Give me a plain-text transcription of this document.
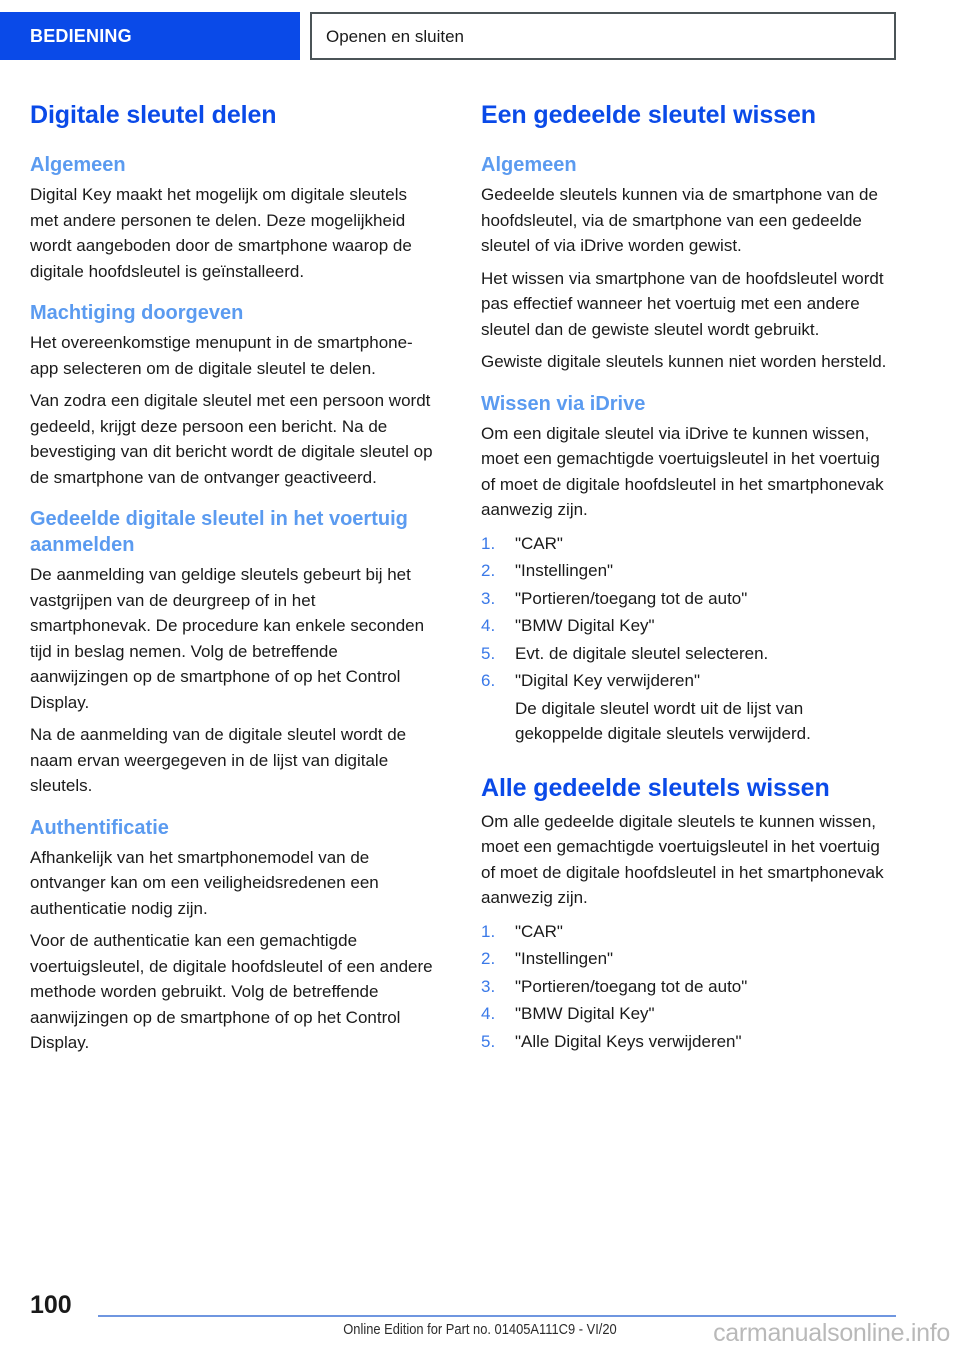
BEDIENING	Openen en sluiten
Digitale sleutel delen
Algemeen

Digital Key maakt het mogelijk om digitale sleutels met andere personen te delen. Deze mogelijkheid wordt aangeboden door de smartphone waarop de digitale hoofdsleutel is geïnstalleerd.

Machtiging doorgeven

Het overeenkomstige menupunt in de smartphone-app selecteren om de digitale sleutel te delen.

Van zodra een digitale sleutel met een persoon wordt gedeeld, krijgt deze persoon een bericht. Na de bevestiging van dit bericht wordt de digitale sleutel op de smartphone van de ontvanger geactiveerd.

Gedeelde digitale sleutel in het voertuig aanmelden

De aanmelding van geldige sleutels gebeurt bij het vastgrijpen van de deurgreep of in het smartphonevak. De procedure kan enkele seconden tijd in beslag nemen. Volg de betreffende aanwijzingen op de smartphone of op het Control Display.

Na de aanmelding van de digitale sleutel wordt de naam ervan weergegeven in de lijst van digitale sleutels.

Authentificatie

Afhankelijk van het smartphonemodel van de ontvanger kan om een veiligheidsredenen een authenticatie nodig zijn.

Voor de authenticatie kan een gemachtigde voertuigsleutel, de digitale hoofdsleutel of een andere methode worden gebruikt. Volg de betreffende aanwijzingen op de smartphone of op het Control Display.

Een gedeelde sleutel wissen
Algemeen

Gedeelde sleutels kunnen via de smartphone van de hoofdsleutel, via de smartphone van een gedeelde sleutel of via iDrive worden gewist.

Het wissen via smartphone van de hoofdsleutel wordt pas effectief wanneer het voertuig met een andere sleutel dan de gewiste sleutel wordt gebruikt.

Gewiste digitale sleutels kunnen niet worden hersteld.

Wissen via iDrive

Om een digitale sleutel via iDrive te kunnen wissen, moet een gemachtigde voertuigsleutel in het voertuig of moet de digitale hoofdsleutel in het smartphonevak aanwezig zijn.

1. "CAR"
2. "Instellingen"
3. "Portieren/toegang tot de auto"
4. "BMW Digital Key"
5. Evt. de digitale sleutel selecteren.
6. "Digital Key verwijderen"

De digitale sleutel wordt uit de lijst van gekoppelde digitale sleutels verwijderd.

Alle gedeelde sleutels wissen

Om alle gedeelde digitale sleutels te kunnen wissen, moet een gemachtigde voertuigsleutel in het voertuig of moet de digitale hoofdsleutel in het smartphonevak aanwezig zijn.

1. "CAR"
2. "Instellingen"
3. "Portieren/toegang tot de auto"
4. "BMW Digital Key"
5. "Alle Digital Keys verwijderen"
100
Online Edition for Part no. 01405A111C9 - VI/20	carmanualsonline.info
